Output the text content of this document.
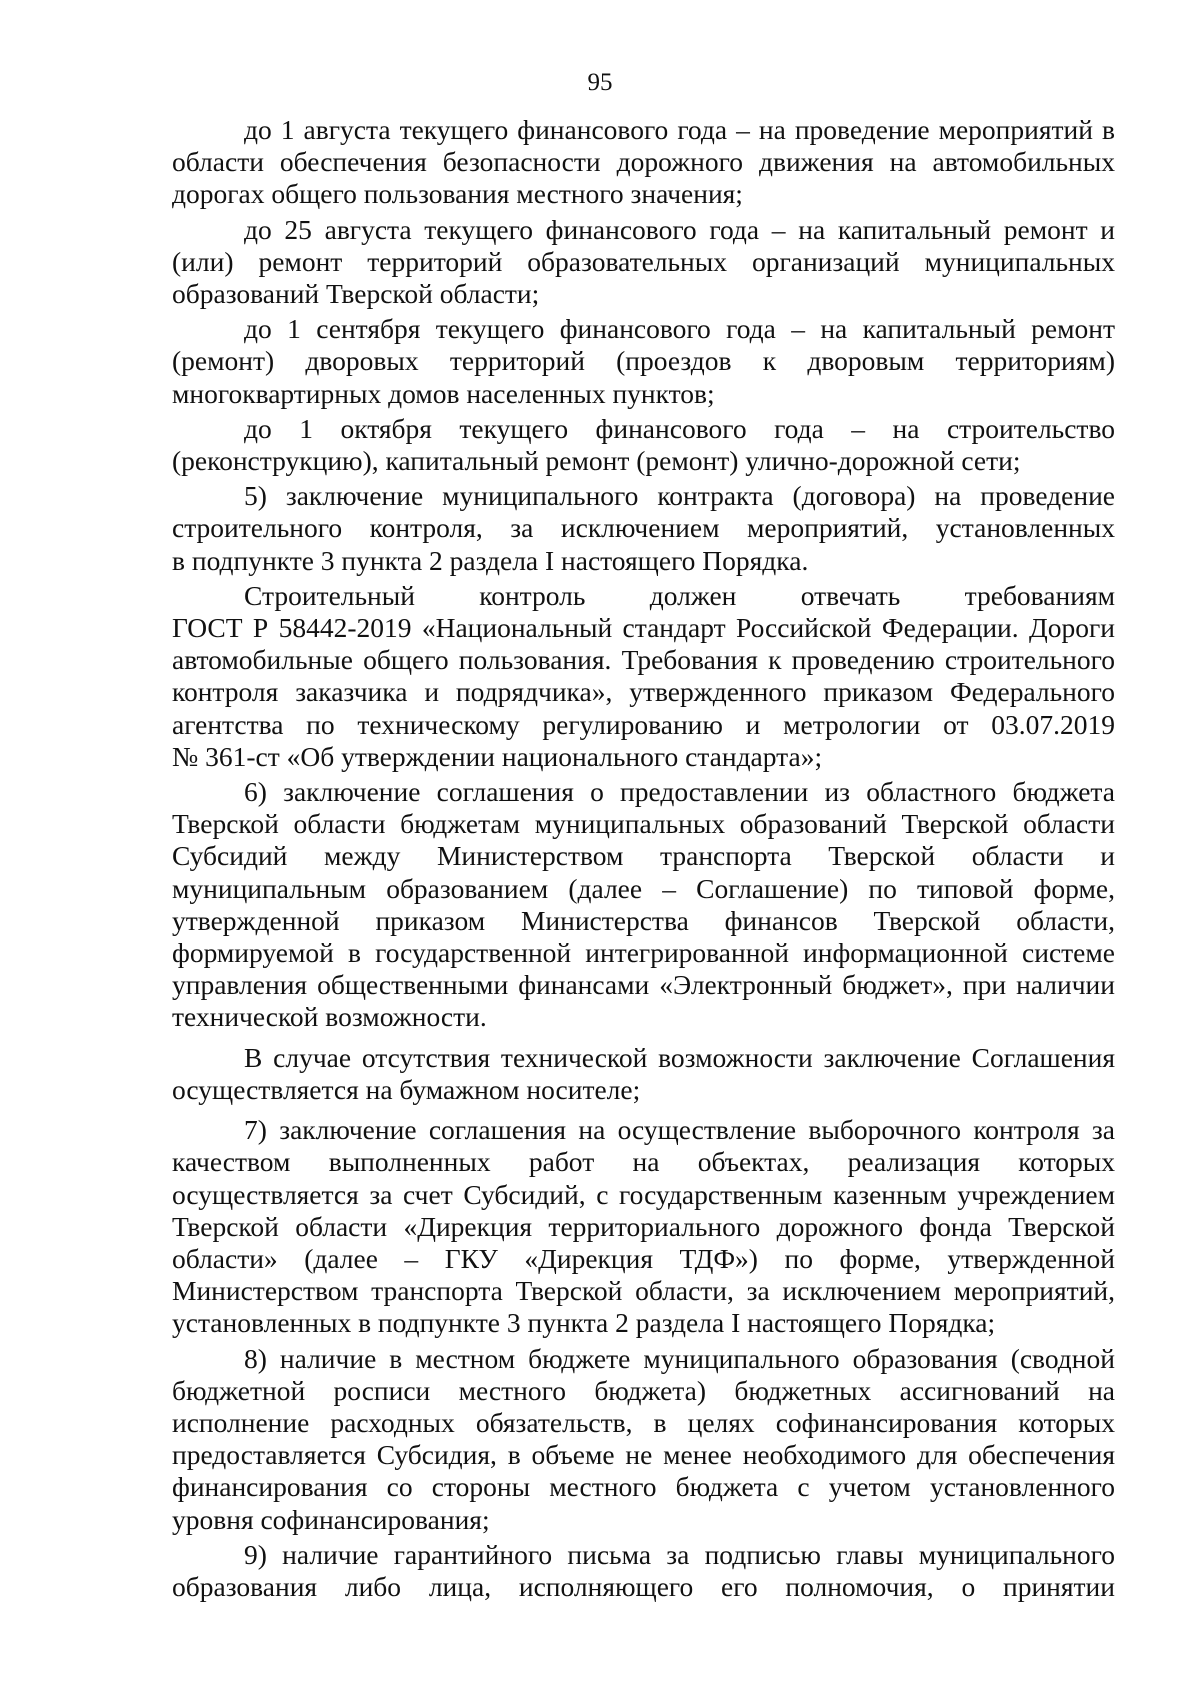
95

до 1 августа текущего финансового года – на проведение мероприятий в
области обеспечения безопасности дорожного движения на автомобильных
дорогах общего пользования местного значения;

до 25 августа текущего финансового года – на капитальный ремонт и
(или) ремонт территорий образовательных организаций муниципальных
образований Тверской области;

до 1 сентября текущего финансового года – на капитальный ремонт
(ремонт) дворовых территорий (проездов к дворовым территориям)
многоквартирных домов населенных пунктов;

до 1 октября текущего финансового года – на строительство
(реконструкцию), капитальный ремонт (ремонт) улично-дорожной сети;

5) заключение муниципального контракта (договора) на проведение
строительного контроля, за исключением мероприятий, установленных
в подпункте 3 пункта 2 раздела I настоящего Порядка.

Строительный контроль должен отвечать требованиям
ГОСТ Р 58442-2019 «Национальный стандарт Российской Федерации. Дороги
автомобильные общего пользования. Требования к проведению строительного
контроля заказчика и подрядчика», утвержденного приказом Федерального
агентства по техническому регулированию и метрологии от 03.07.2019
№ 361-ст «Об утверждении национального стандарта»;

6) заключение соглашения о предоставлении из областного бюджета
Тверской области бюджетам муниципальных образований Тверской области
Субсидий между Министерством транспорта Тверской области и
муниципальным образованием (далее – Соглашение) по типовой форме,
утвержденной приказом Министерства финансов Тверской области,
формируемой в государственной интегрированной информационной системе
управления общественными финансами «Электронный бюджет», при наличии
технической возможности.

В случае отсутствия технической возможности заключение Соглашения
осуществляется на бумажном носителе;

7) заключение соглашения на осуществление выборочного контроля за
качеством выполненных работ на объектах, реализация которых
осуществляется за счет Субсидий, с государственным казенным учреждением
Тверской области «Дирекция территориального дорожного фонда Тверской
области» (далее – ГКУ «Дирекция ТДФ») по форме, утвержденной
Министерством транспорта Тверской области, за исключением мероприятий,
установленных в подпункте 3 пункта 2 раздела I настоящего Порядка;

8) наличие в местном бюджете муниципального образования (сводной
бюджетной росписи местного бюджета) бюджетных ассигнований на
исполнение расходных обязательств, в целях софинансирования которых
предоставляется Субсидия, в объеме не менее необходимого для обеспечения
финансирования со стороны местного бюджета с учетом установленного
уровня софинансирования;

9) наличие гарантийного письма за подписью главы муниципального
образования либо лица, исполняющего его полномочия, о принятии
